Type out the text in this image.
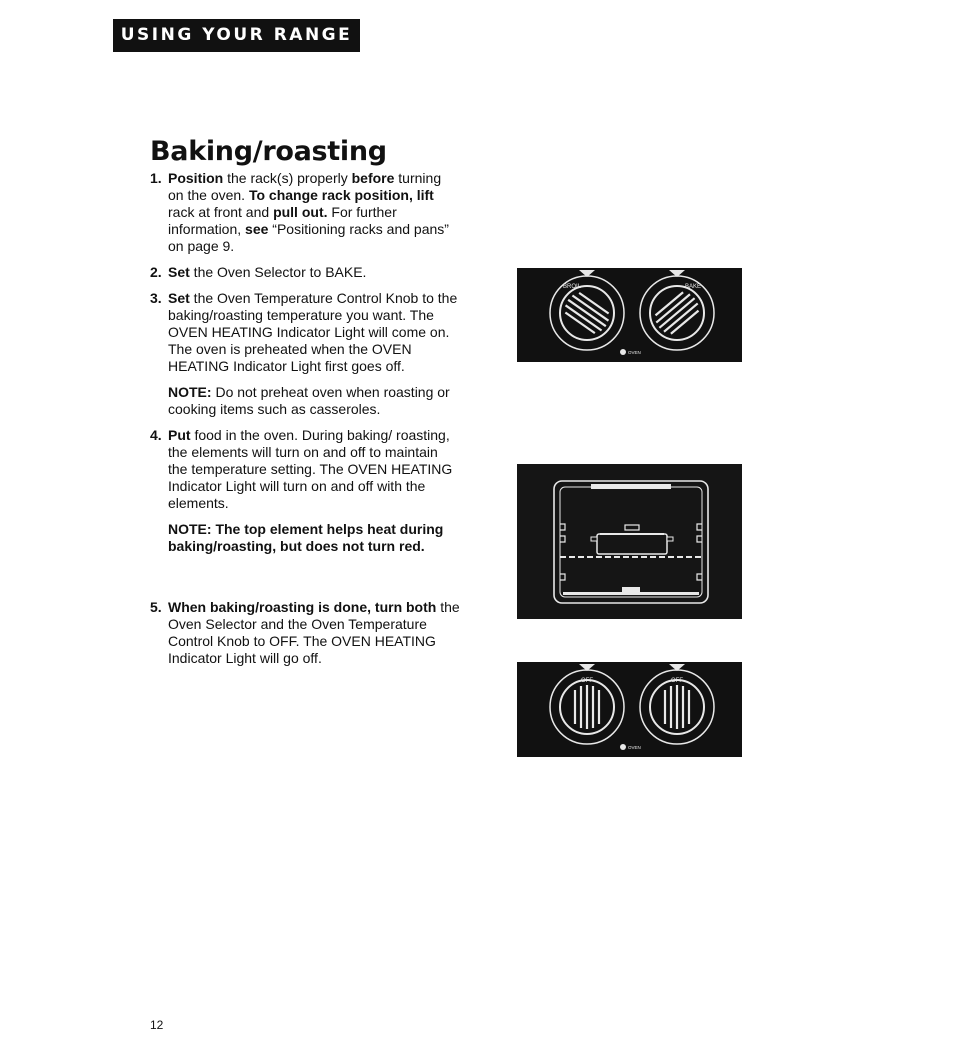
USING YOUR RANGE
Baking/roasting
1. Position the rack(s) properly before turning on the oven. To change rack position, lift rack at front and pull out. For further information, see “Positioning racks and pans” on page 9.

2. Set the Oven Selector to BAKE.

3. Set the Oven Temperature Control Knob to the baking/roasting temperature you want. The OVEN HEATING Indicator Light will come on. The oven is preheated when the OVEN HEATING Indicator Light first goes off.

NOTE: Do not preheat oven when roasting or cooking items such as casseroles.

4. Put food in the oven. During baking/ roasting, the elements will turn on and off to maintain the temperature setting. The OVEN HEATING Indicator Light will turn on and off with the elements.

NOTE: The top element helps heat during baking/roasting, but does not turn red.

5. When baking/roasting is done, turn both the Oven Selector and the Oven Temperature Control Knob to OFF. The OVEN HEATING Indicator Light will go off.

BROIL	BAKE
OVEN
OFF	OFF
OVEN
12
